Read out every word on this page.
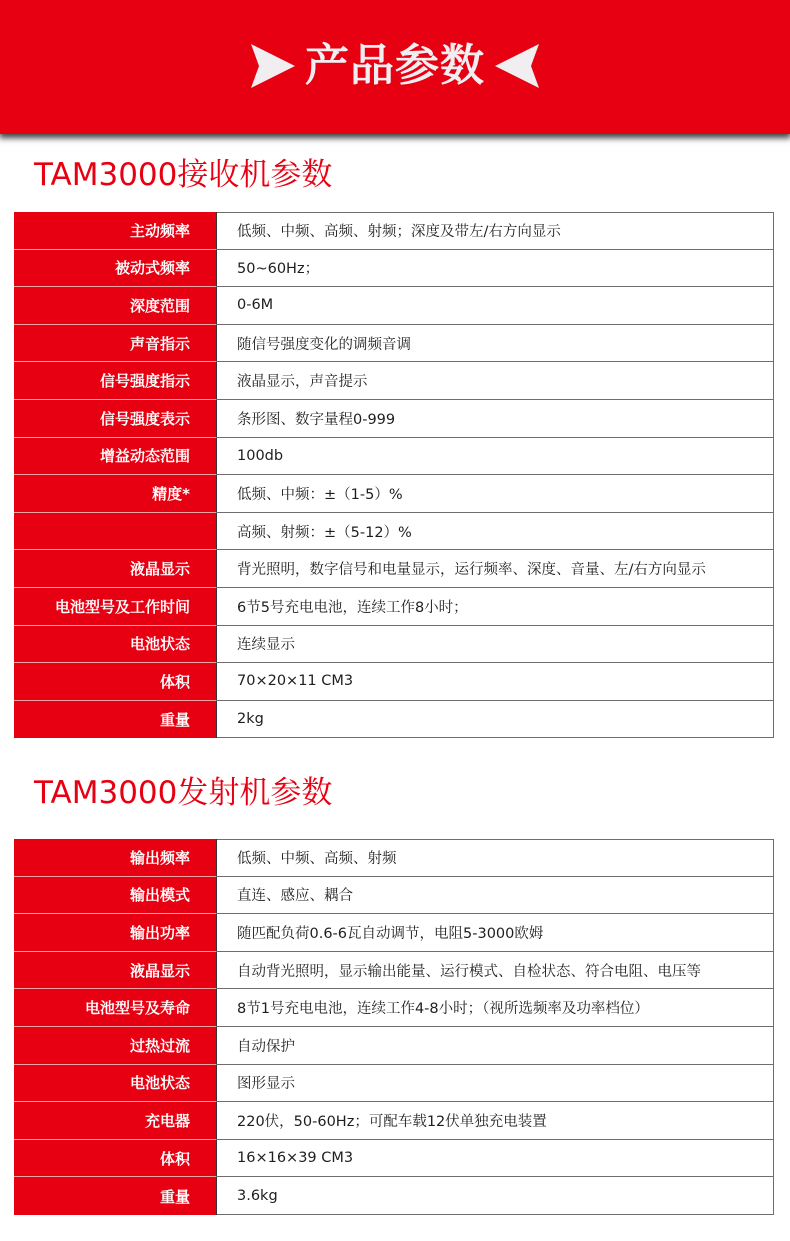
产品参数
TAM3000接收机参数
主动频率	低频、中频、高频、射频；深度及带左/右方向显示
被动式频率	50~60Hz；
深度范围	0-6M
声音指示	随信号强度变化的调频音调
信号强度指示	液晶显示，声音提示
信号强度表示	条形图、数字量程0-999
增益动态范围	100db
精度*	低频、中频：±（1-5）%
高频、射频：±（5-12）%
液晶显示	背光照明，数字信号和电量显示，运行频率、深度、音量、左/右方向显示
电池型号及工作时间	6节5号充电电池，连续工作8小时；
电池状态	连续显示
体积	70×20×11 CM3
重量	2kg
TAM3000发射机参数
输出频率	低频、中频、高频、射频
输出模式	直连、感应、耦合
输出功率	随匹配负荷0.6-6瓦自动调节，电阻5-3000欧姆
液晶显示	自动背光照明，显示输出能量、运行模式、自检状态、符合电阻、电压等
电池型号及寿命	8节1号充电电池，连续工作4-8小时；（视所选频率及功率档位）
过热过流	自动保护
电池状态	图形显示
充电器	220伏，50-60Hz；可配车载12伏单独充电装置
体积	16×16×39 CM3
重量	3.6kg
